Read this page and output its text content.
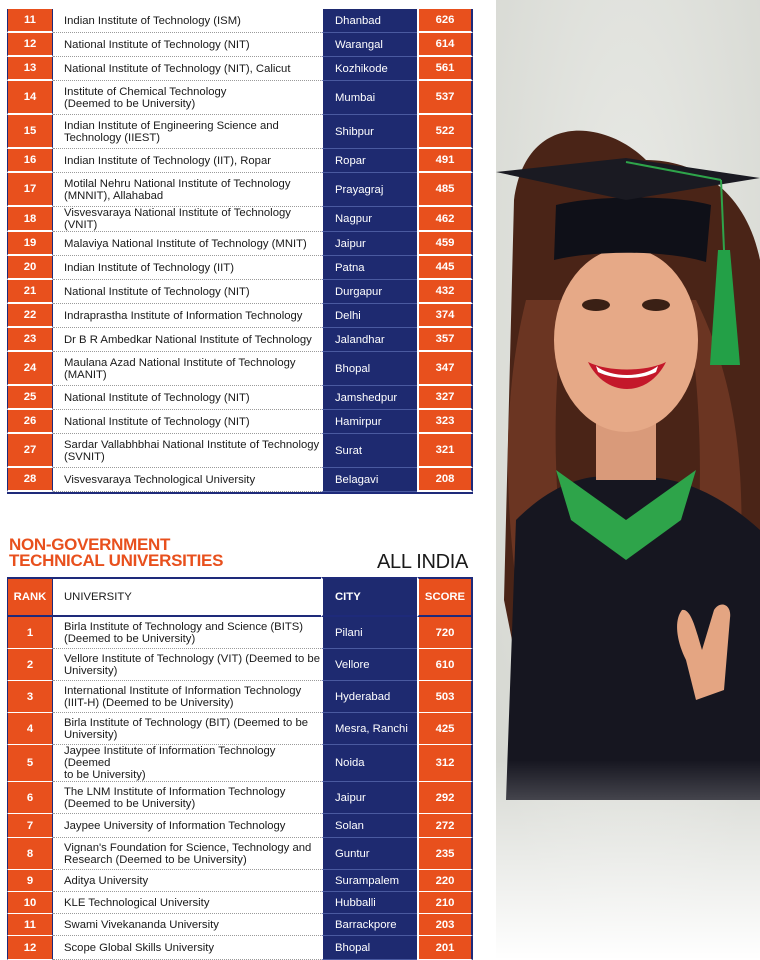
11	Indian Institute of Technology (ISM)	Dhanbad	626
12	National Institute of Technology (NIT)	Warangal	614
13	National Institute of Technology (NIT), Calicut	Kozhikode	561
14	Institute of Chemical Technology
(Deemed to be University)	Mumbai	537
15	Indian Institute of Engineering Science and
Technology (IIEST)	Shibpur	522
16	Indian Institute of Technology (IIT), Ropar	Ropar	491
17	Motilal Nehru National Institute of Technology
(MNNIT), Allahabad	Prayagraj	485
18	Visvesvaraya National Institute of Technology (VNIT)	Nagpur	462
19	Malaviya National Institute of Technology (MNIT)	Jaipur	459
20	Indian Institute of Technology (IIT)	Patna	445
21	National Institute of Technology (NIT)	Durgapur	432
22	Indraprastha Institute of Information Technology	Delhi	374
23	Dr B R Ambedkar National Institute of Technology	Jalandhar	357
24	Maulana Azad National Institute of Technology
(MANIT)	Bhopal	347
25	National Institute of Technology (NIT)	Jamshedpur	327
26	National Institute of Technology (NIT)	Hamirpur	323
27	Sardar Vallabhbhai National Institute of Technology
(SVNIT)	Surat	321
28	Visvesvaraya Technological University	Belagavi	208
NON-GOVERNMENT
TECHNICAL UNIVERSITIES	ALL INDIA
RANK	UNIVERSITY	CITY	SCORE
1	Birla Institute of Technology and Science (BITS)
(Deemed to be University)	Pilani	720
2	Vellore Institute of Technology (VIT) (Deemed to be
University)	Vellore	610
3	International Institute of Information Technology
(IIIT-H) (Deemed to be University)	Hyderabad	503
4	Birla Institute of Technology (BIT) (Deemed to be
University)	Mesra, Ranchi	425
5	Jaypee Institute of Information Technology (Deemed
to be University)	Noida	312
6	The LNM Institute of Information Technology
(Deemed to be University)	Jaipur	292
7	Jaypee University of Information Technology	Solan	272
8	Vignan's Foundation for Science, Technology and
Research (Deemed to be University)	Guntur	235
9	Aditya University	Surampalem	220
10	KLE Technological University	Hubballi	210
11	Swami Vivekananda University	Barrackpore	203
12	Scope Global Skills University	Bhopal	201
